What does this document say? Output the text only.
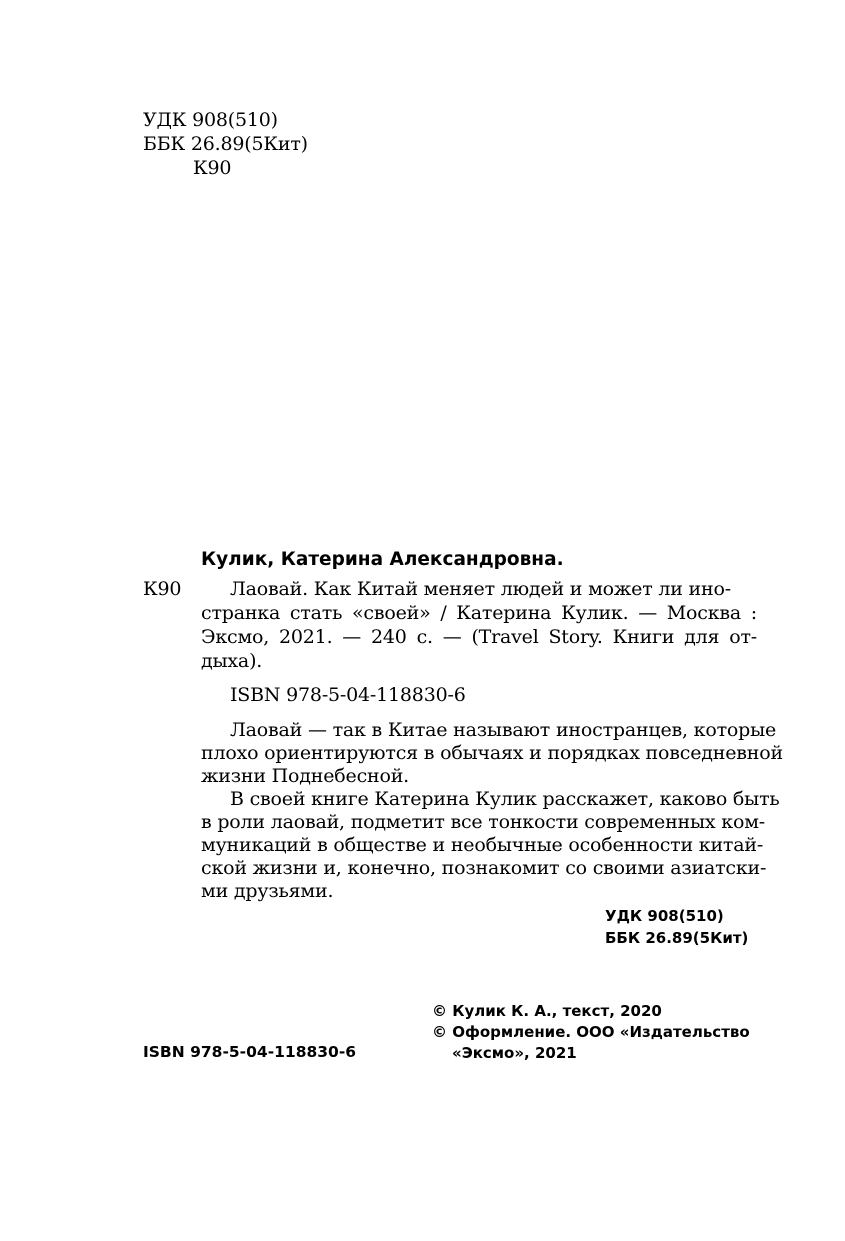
УДК 908(510)
ББК 26.89(5Кит)
К90
Кулик, Катерина Александровна.
К90	Лаовай. Как Китай меняет людей и может ли ино-
странка стать «своей» / Катерина Кулик. — Москва :
Эксмо, 2021. — 240 с. — (Travel Story. Книги для от-
дыха).
ISBN 978-5-04-118830-6
Лаовай — так в Китае называют иностранцев, которые
плохо ориентируются в обычаях и порядках повседневной
жизни Поднебесной.
В своей книге Катерина Кулик расскажет, каково быть
в роли лаовай, подметит все тонкости современных ком-
муникаций в обществе и необычные особенности китай-
ской жизни и, конечно, познакомит со своими азиатски-
ми друзьями.
УДК 908(510)
ББК 26.89(5Кит)
© Кулик К. А., текст, 2020
© Оформление. ООО «Издательство
«Эксмо», 2021
ISBN 978-5-04-118830-6
